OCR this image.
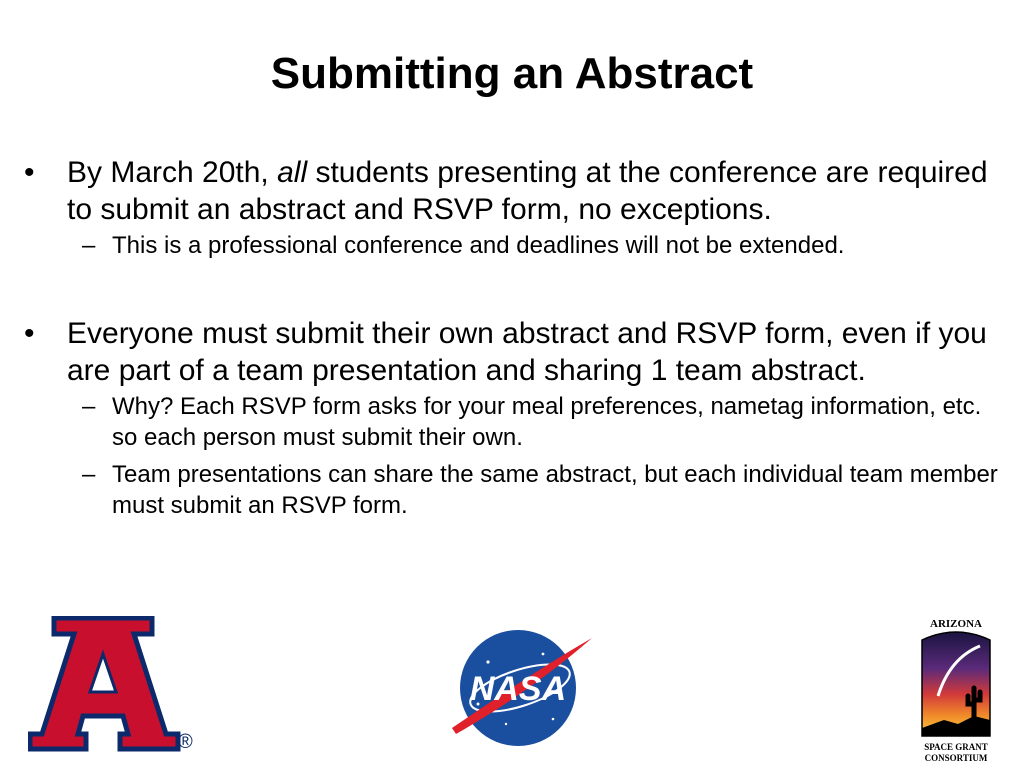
Submitting an Abstract
•	By March 20th, all students presenting at the conference are required to submit an abstract and RSVP form, no exceptions.
– This is a professional conference and deadlines will not be extended.
•	Everyone must submit their own abstract and RSVP form, even if you are part of a team presentation and sharing 1 team abstract.
– Why? Each RSVP form asks for your meal preferences, nametag information, etc. so each person must submit their own.
– Team presentations can share the same abstract, but each individual team member must submit an RSVP form.
®
NASA
ARIZONA
SPACE GRANT
CONSORTIUM
